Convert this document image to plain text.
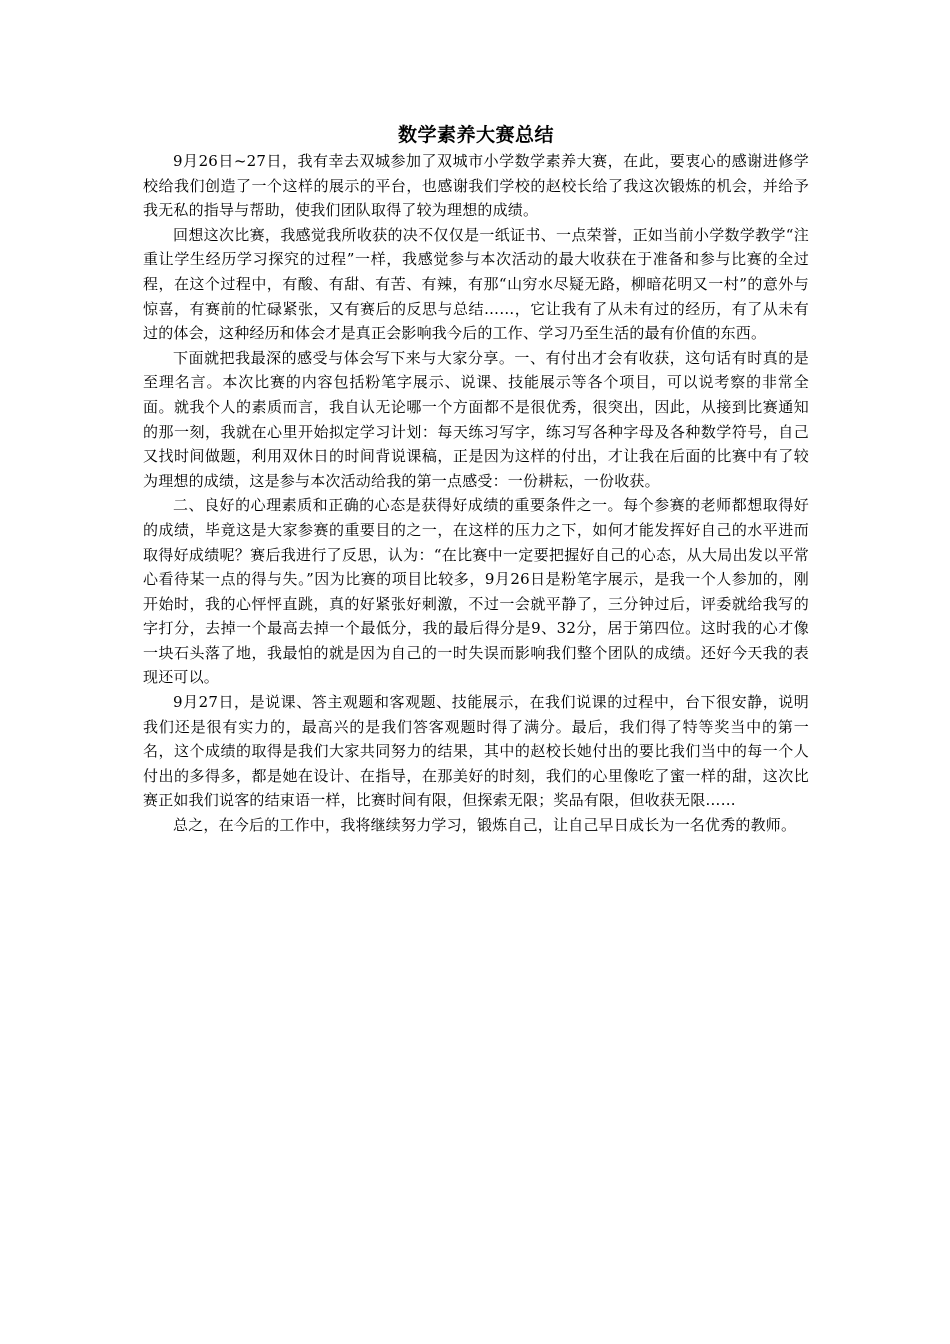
数学素养大赛总结

9月26日~27日，我有幸去双城参加了双城市小学数学素养大赛，在此，要衷心的感谢进修学校给我们创造了一个这样的展示的平台，也感谢我们学校的赵校长给了我这次锻炼的机会，并给予我无私的指导与帮助，使我们团队取得了较为理想的成绩。

回想这次比赛，我感觉我所收获的决不仅仅是一纸证书、一点荣誉，正如当前小学数学教学“注重让学生经历学习探究的过程”一样，我感觉参与本次活动的最大收获在于准备和参与比赛的全过程，在这个过程中，有酸、有甜、有苦、有辣，有那“山穷水尽疑无路，柳暗花明又一村”的意外与惊喜，有赛前的忙碌紧张，又有赛后的反思与总结……，它让我有了从未有过的经历，有了从未有过的体会，这种经历和体会才是真正会影响我今后的工作、学习乃至生活的最有价值的东西。

下面就把我最深的感受与体会写下来与大家分享。一、有付出才会有收获，这句话有时真的是至理名言。本次比赛的内容包括粉笔字展示、说课、技能展示等各个项目，可以说考察的非常全面。就我个人的素质而言，我自认无论哪一个方面都不是很优秀，很突出，因此，从接到比赛通知的那一刻，我就在心里开始拟定学习计划：每天练习写字，练习写各种字母及各种数学符号，自己又找时间做题，利用双休日的时间背说课稿，正是因为这样的付出，才让我在后面的比赛中有了较为理想的成绩，这是参与本次活动给我的第一点感受：一份耕耘，一份收获。

二、良好的心理素质和正确的心态是获得好成绩的重要条件之一。每个参赛的老师都想取得好的成绩，毕竟这是大家参赛的重要目的之一，在这样的压力之下，如何才能发挥好自己的水平进而取得好成绩呢？赛后我进行了反思，认为：“在比赛中一定要把握好自己的心态，从大局出发以平常心看待某一点的得与失。”因为比赛的项目比较多，9月26日是粉笔字展示，是我一个人参加的，刚开始时，我的心怦怦直跳，真的好紧张好刺激，不过一会就平静了，三分钟过后，评委就给我写的字打分，去掉一个最高去掉一个最低分，我的最后得分是9、32分，居于第四位。这时我的心才像一块石头落了地，我最怕的就是因为自己的一时失误而影响我们整个团队的成绩。还好今天我的表现还可以。

9月27日，是说课、答主观题和客观题、技能展示，在我们说课的过程中，台下很安静，说明我们还是很有实力的，最高兴的是我们答客观题时得了满分。最后，我们得了特等奖当中的第一名，这个成绩的取得是我们大家共同努力的结果，其中的赵校长她付出的要比我们当中的每一个人付出的多得多，都是她在设计、在指导，在那美好的时刻，我们的心里像吃了蜜一样的甜，这次比赛正如我们说客的结束语一样，比赛时间有限，但探索无限；奖品有限，但收获无限……

总之，在今后的工作中，我将继续努力学习，锻炼自己，让自己早日成长为一名优秀的教师。
